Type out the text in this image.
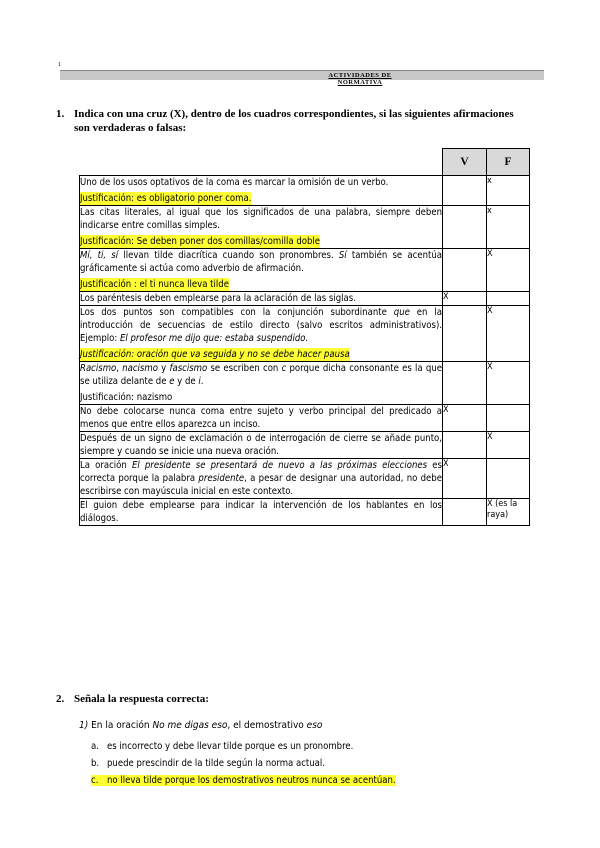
1
ACTIVIDADES DE
NORMATIVA
1. Indica con una cruz (X), dentro de los cuadros correspondientes, si las siguientes afirmaciones son verdaderas o falsas:
	V	F
Uno de los usos optativos de la coma es marcar la omisión de un verbo.
Justificación: es obligatorio poner coma.		x
Las citas literales, al igual que los significados de una palabra, siempre deben indicarse entre comillas simples.
Justificación: Se deben poner dos comillas/comilla doble		x
Mí, ti, sí llevan tilde diacrítica cuando son pronombres. Sí también se acentúa gráficamente si actúa como adverbio de afirmación.
Justificación : el ti nunca lleva tilde		X
Los paréntesis deben emplearse para la aclaración de las siglas.	X	
Los dos puntos son compatibles con la conjunción subordinante que en la introducción de secuencias de estilo directo (salvo escritos administrativos). Ejemplo: El profesor me dijo que: estaba suspendido.
Justificación: oración que va seguida y no se debe hacer pausa		X
Racismo, nacismo y fascismo se escriben con c porque dicha consonante es la que se utiliza delante de e y de i.
Justificación: nazismo		X
No debe colocarse nunca coma entre sujeto y verbo principal del predicado a menos que entre ellos aparezca un inciso.	X	
Después de un signo de exclamación o de interrogación de cierre se añade punto, siempre y cuando se inicie una nueva oración.		X
La oración El presidente se presentará de nuevo a las próximas elecciones es correcta porque la palabra presidente, a pesar de designar una autoridad, no debe escribirse con mayúscula inicial en este contexto.	X	
El guion debe emplearse para indicar la intervención de los hablantes en los diálogos.		X (es la raya)
2. Señala la respuesta correcta:
1) En la oración No me digas eso, el demostrativo eso
a. es incorrecto y debe llevar tilde porque es un pronombre.
b. puede prescindir de la tilde según la norma actual.
c. no lleva tilde porque los demostrativos neutros nunca se acentúan.
